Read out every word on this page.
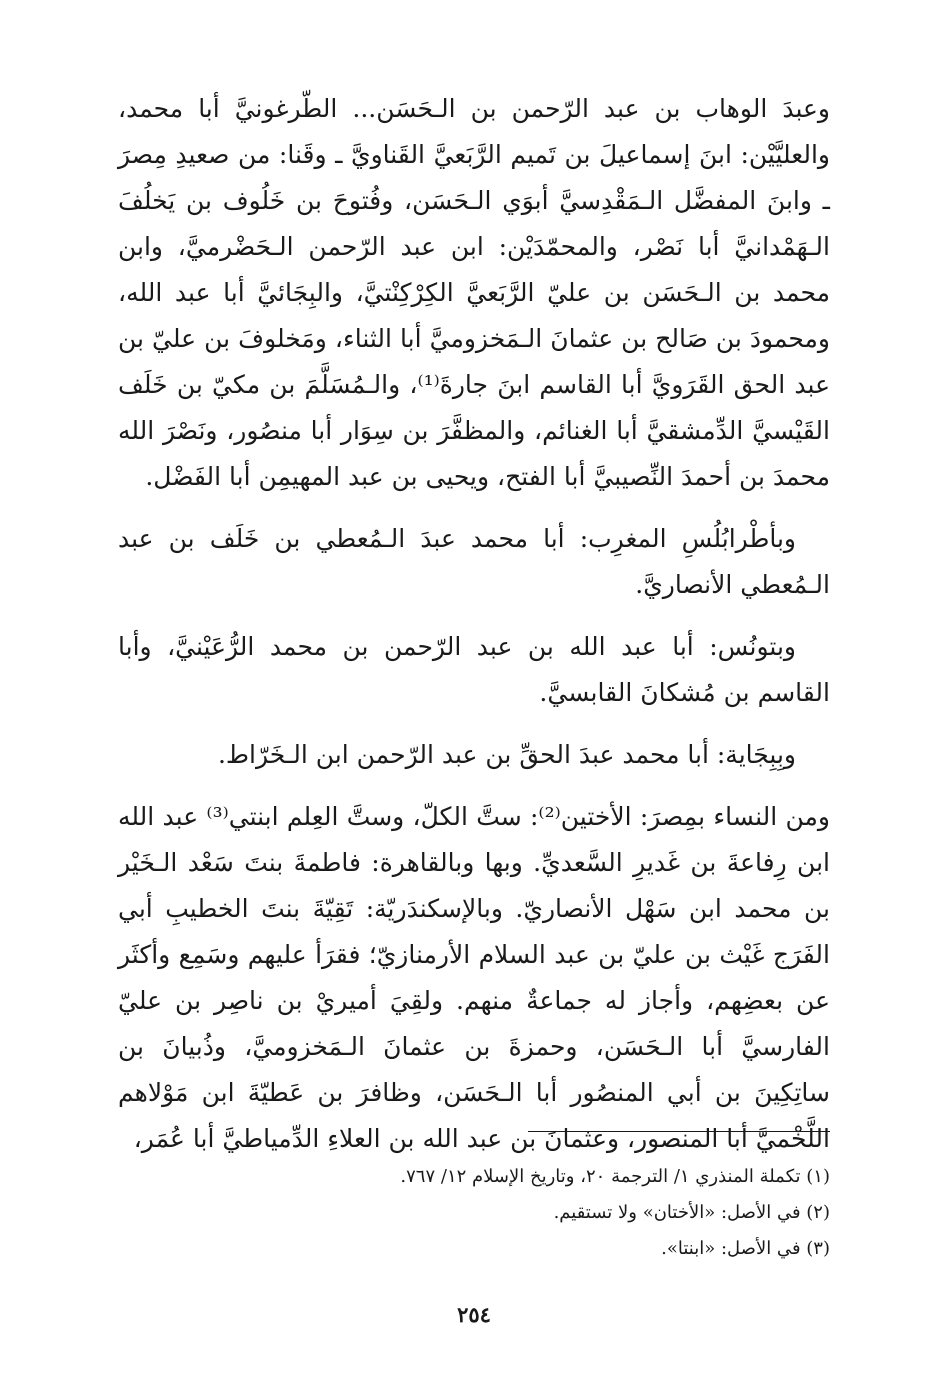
وعبدَ الوهاب بن عبد الرّحمن بن الـحَسَن... الطّرغونيَّ أبا محمد، والعليَّيْن: ابنَ إسماعيلَ بن تَميم الرَّبَعيَّ القَناويَّ ـ وقَنا: من صعيدِ مِصرَ ـ وابنَ المفضَّل الـمَقْدِسيَّ أبوَي الـحَسَن، وفُتوحَ بن خَلُوف بن يَخلُفَ الـهَمْدانيَّ أبا نَصْر، والمحمّدَيْن: ابن عبد الرّحمن الـحَضْرميَّ، وابن محمد بن الـحَسَن بن عليّ الرَّبَعيَّ الكِرْكِنْتيَّ، والبِجَائيَّ أبا عبد الله، ومحمودَ بن صَالح بن عثمانَ الـمَخزوميَّ أبا الثناء، ومَخلوفَ بن عليّ بن عبد الحق القَرَويَّ أبا القاسم ابنَ جارةَ⁽¹⁾، والـمُسَلَّمَ بن مكيّ بن خَلَف القَيْسيَّ الدِّمشقيَّ أبا الغنائم، والمظفَّرَ بن سِوَار أبا منصُور، ونَصْرَ الله محمدَ بن أحمدَ النِّصيبيَّ أبا الفتح، ويحيى بن عبد المهيمِن أبا الفَضْل.

وبأطْرابُلُسِ المغرِب: أبا محمد عبدَ الـمُعطي بن خَلَف بن عبد الـمُعطي الأنصاريَّ.

وبتونُس: أبا عبد الله بن عبد الرّحمن بن محمد الرُّعَيْنيَّ، وأبا القاسم بن مُشكانَ القابسيَّ.

وبِبِجَاية: أبا محمد عبدَ الحقِّ بن عبد الرّحمن ابن الـخَرّاط.

ومن النساء بمِصرَ: الأختين⁽²⁾: ستَّ الكلّ، وستَّ العِلم ابنتي⁽³⁾ عبد الله ابن رِفاعةَ بن غَديرِ السَّعديِّ. وبها وبالقاهرة: فاطمةَ بنتَ سَعْد الـخَيْر بن محمد ابن سَهْل الأنصاريّ. وبالإسكندَريّة: تَقِيّةَ بنتَ الخطيبِ أبي الفَرَج غَيْث بن عليّ بن عبد السلام الأرمنازيّ؛ فقرَأ عليهم وسَمِع وأكثَر عن بعضِهم، وأجاز له جماعةٌ منهم. ولقِيَ أميريْ بن ناصِر بن عليّ الفارسيَّ أبا الـحَسَن، وحمزةَ بن عثمانَ الـمَخزوميَّ، وذُبيانَ بن ساتِكِينَ بن أبي المنصُور أبا الـحَسَن، وظافرَ بن عَطيّةَ ابن مَوْلاهم اللَّخْميَّ أبا المنصور، وعثمانَ بن عبد الله بن العلاءِ الدِّمياطيَّ أبا عُمَر،

(١) تكملة المنذري ١/ الترجمة ٢٠، وتاريخ الإسلام ١٢/ ٧٦٧.

(٢) في الأصل: «الأختان» ولا تستقيم.

(٣) في الأصل: «ابنتا».

٢٥٤
